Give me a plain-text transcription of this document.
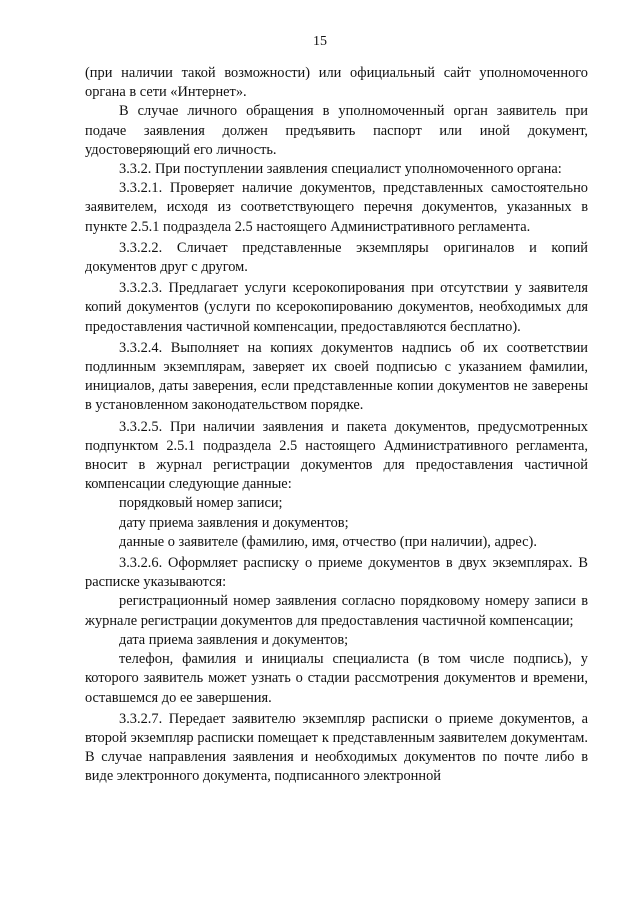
15

(при наличии такой возможности) или официальный сайт уполномоченного органа в сети «Интернет».

В случае личного обращения в уполномоченный орган заявитель при подаче заявления должен предъявить паспорт или иной документ, удостоверяющий его личность.

3.3.2. При поступлении заявления специалист уполномоченного органа:

3.3.2.1. Проверяет наличие документов, представленных самостоятельно заявителем, исходя из соответствующего перечня документов, указанных в пункте 2.5.1 подраздела 2.5 настоящего Административного регламента.

3.3.2.2. Сличает представленные экземпляры оригиналов и копий документов друг с другом.

3.3.2.3. Предлагает услуги ксерокопирования при отсутствии у заявителя копий документов (услуги по ксерокопированию документов, необходимых для предоставления частичной компенсации, предоставляются бесплатно).

3.3.2.4. Выполняет на копиях документов надпись об их соответствии подлинным экземплярам, заверяет их своей подписью с указанием фамилии, инициалов, даты заверения, если представленные копии документов не заверены в установленном законодательством порядке.

3.3.2.5. При наличии заявления и пакета документов, предусмотренных подпунктом 2.5.1 подраздела 2.5 настоящего Административного регламента, вносит в журнал регистрации документов для предоставления частичной компенсации следующие данные:

порядковый номер записи;

дату приема заявления и документов;

данные о заявителе (фамилию, имя, отчество (при наличии), адрес).

3.3.2.6. Оформляет расписку о приеме документов в двух экземплярах. В расписке указываются:

регистрационный номер заявления согласно порядковому номеру записи в журнале регистрации документов для предоставления частичной компенсации;

дата приема заявления и документов;

телефон, фамилия и инициалы специалиста (в том числе подпись), у которого заявитель может узнать о стадии рассмотрения документов и времени, оставшемся до ее завершения.

3.3.2.7. Передает заявителю экземпляр расписки о приеме документов, а второй экземпляр расписки помещает к представленным заявителем документам. В случае направления заявления и необходимых документов по почте либо в виде электронного документа, подписанного электронной
